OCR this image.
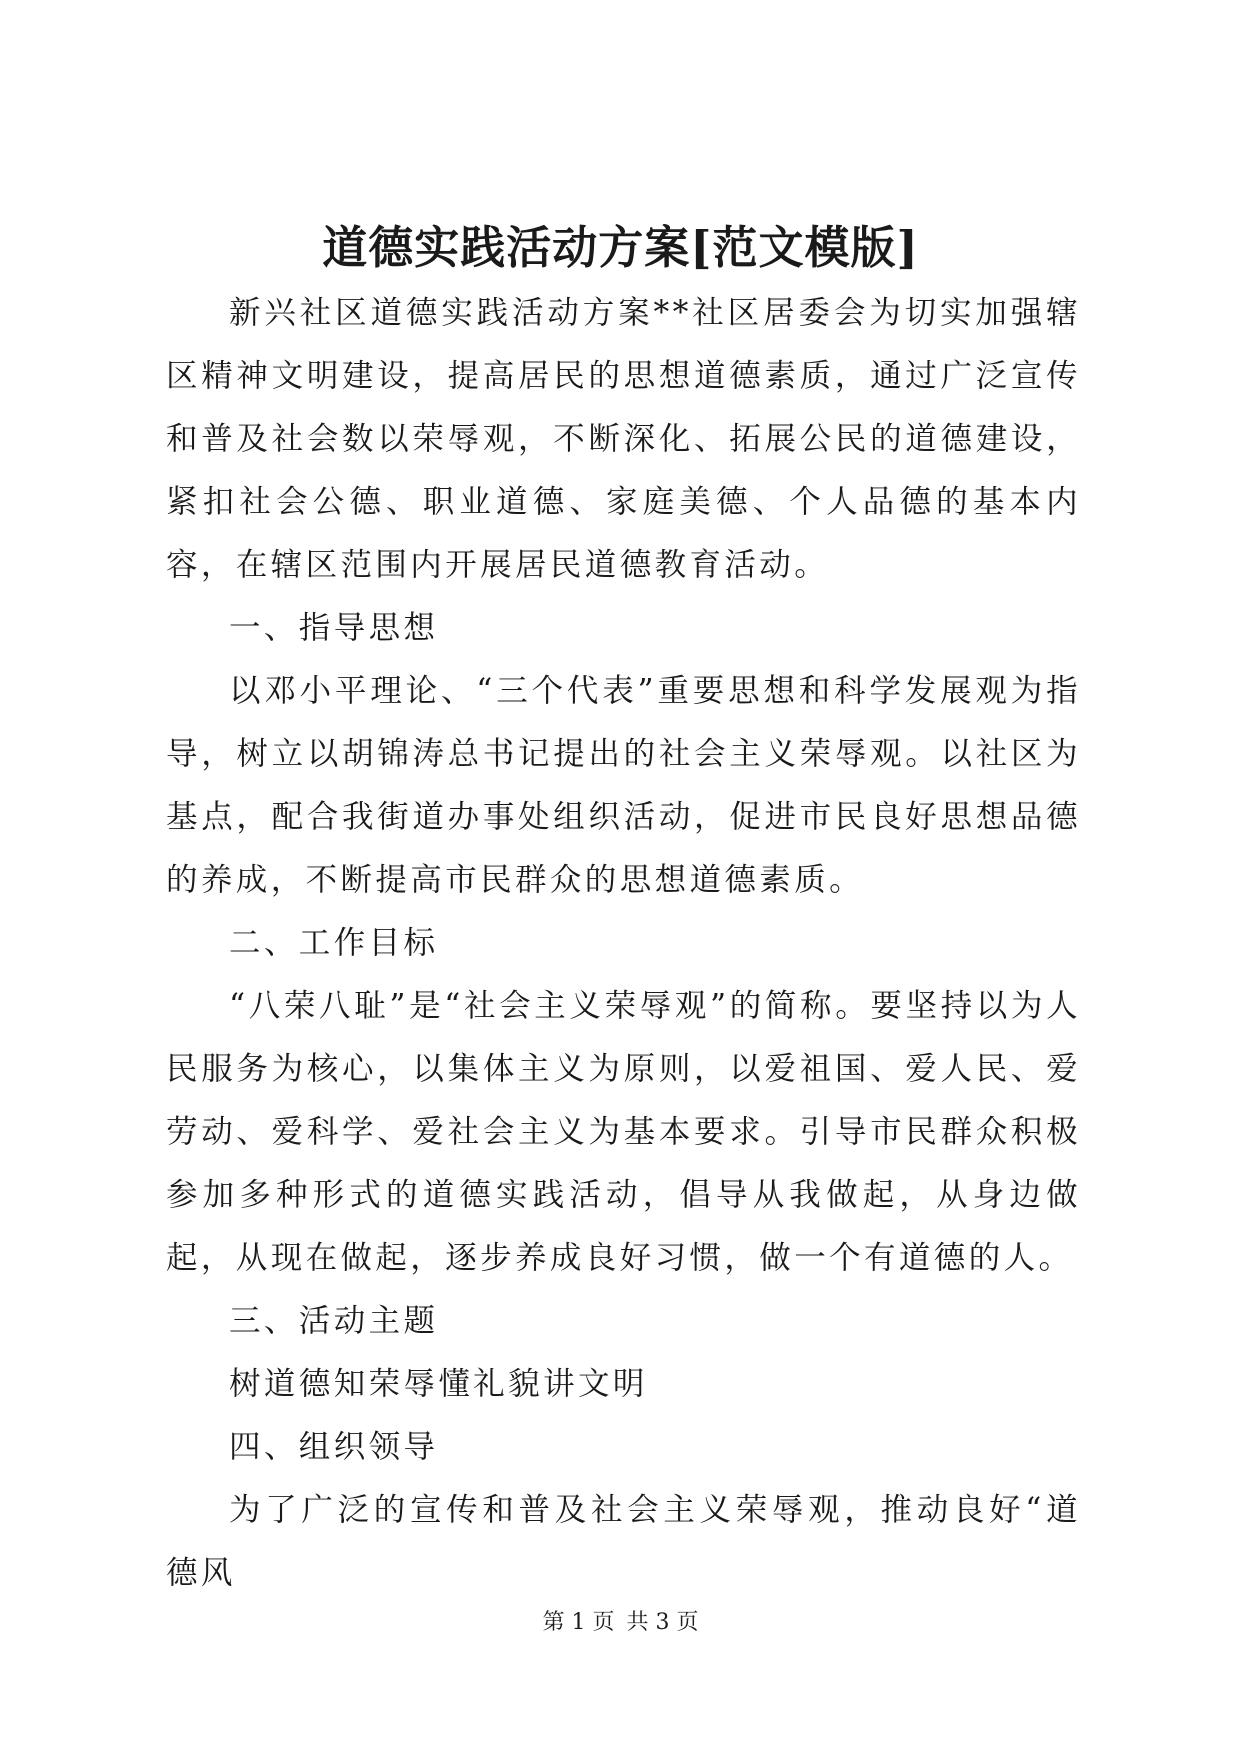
道德实践活动方案[范文模版]

新兴社区道德实践活动方案**社区居委会为切实加强辖区精神文明建设，提高居民的思想道德素质，通过广泛宣传和普及社会数以荣辱观，不断深化、拓展公民的道德建设，紧扣社会公德、职业道德、家庭美德、个人品德的基本内容，在辖区范围内开展居民道德教育活动。

一、指导思想

以邓小平理论、“三个代表”重要思想和科学发展观为指导，树立以胡锦涛总书记提出的社会主义荣辱观。以社区为基点，配合我街道办事处组织活动，促进市民良好思想品德的养成，不断提高市民群众的思想道德素质。

二、工作目标

“八荣八耻”是“社会主义荣辱观”的简称。要坚持以为人民服务为核心，以集体主义为原则，以爱祖国、爱人民、爱劳动、爱科学、爱社会主义为基本要求。引导市民群众积极参加多种形式的道德实践活动，倡导从我做起，从身边做起，从现在做起，逐步养成良好习惯，做一个有道德的人。

三、活动主题

树道德知荣辱懂礼貌讲文明

四、组织领导

为了广泛的宣传和普及社会主义荣辱观，推动良好“道德风

第 1 页 共 3 页
